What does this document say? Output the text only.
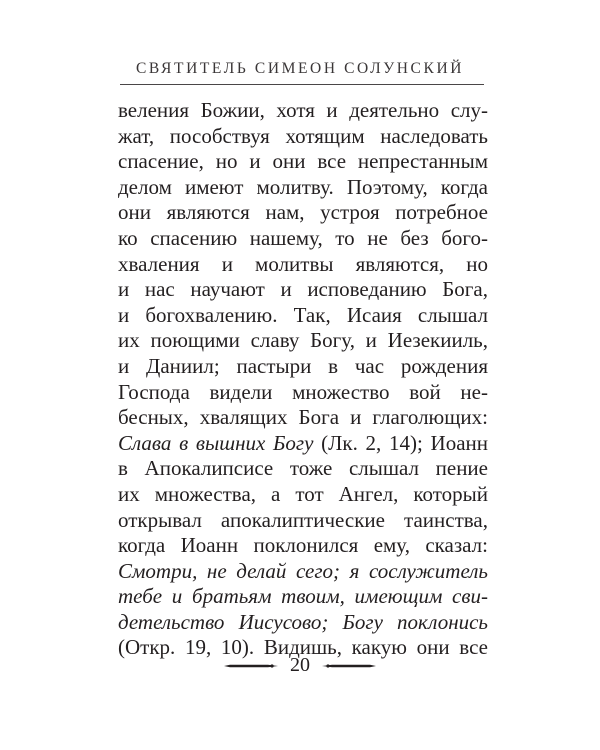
СВЯТИТЕЛЬ СИМЕОН СОЛУНСКИЙ
веления Божии, хотя и деятельно слу-
жат, пособствуя хотящим наследовать
спасение, но и они все непрестанным
делом имеют молитву. Поэтому, когда
они являются нам, устроя потребное
ко спасению нашему, то не без бого-
хваления и молитвы являются, но
и нас научают и исповеданию Бога,
и богохвалению. Так, Исаия слышал
их поющими славу Богу, и Иезекииль,
и Даниил; пастыри в час рождения
Господа видели множество вой не-
бесных, хвалящих Бога и глаголющих:
Слава в вышних Богу (Лк. 2, 14); Иоанн
в Апокалипсисе тоже слышал пение
их множества, а тот Ангел, который
открывал апокалиптические таинства,
когда Иоанн поклонился ему, сказал:
Смотри, не делай сего; я сослужитель
тебе и братьям твоим, имеющим сви-
детельство Иисусово; Богу поклонись
(Откр. 19, 10). Видишь, какую они все
20
